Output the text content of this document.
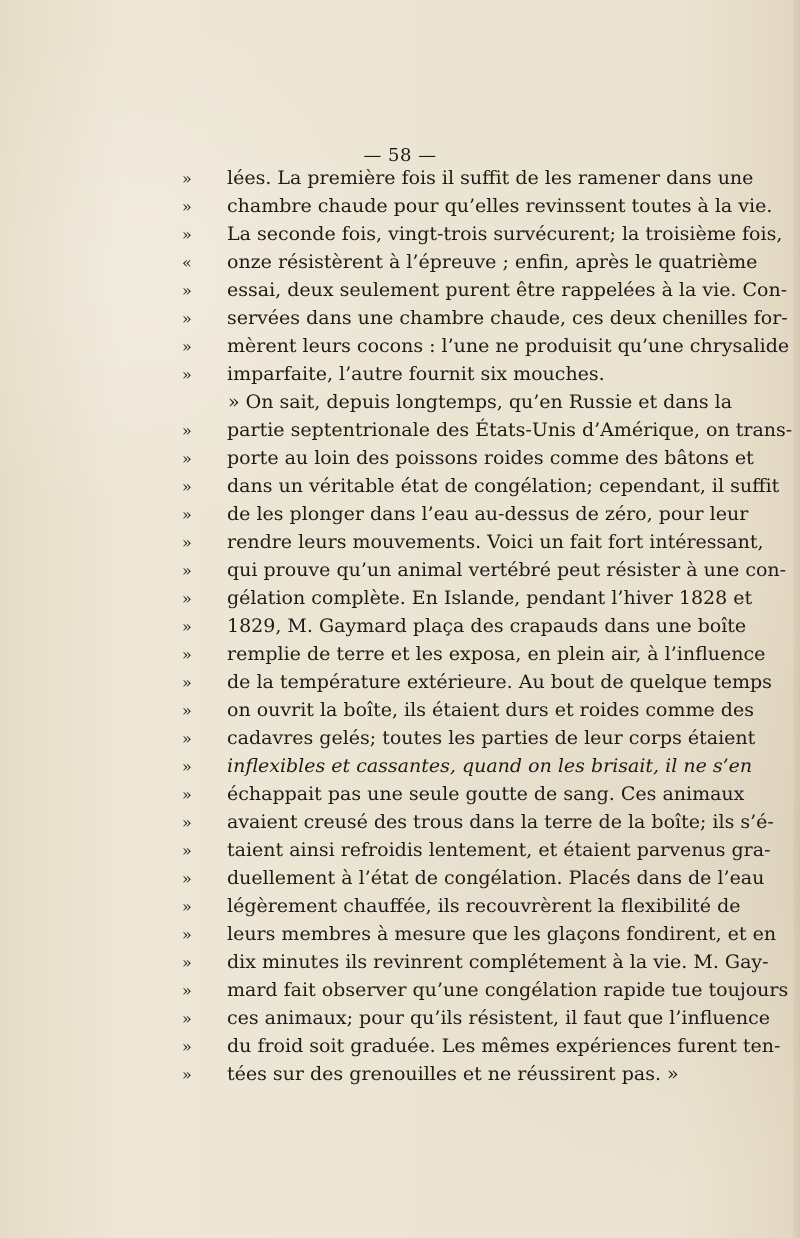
— 58 —
»	lées. La première fois il suffit de les ramener dans une
»	chambre chaude pour qu’elles revinssent toutes à la vie.
»	La seconde fois, vingt-trois survécurent; la troisième fois,
«	onze résistèrent à l’épreuve ; enfin, après le quatrième
»	essai, deux seulement purent être rappelées à la vie. Con-
»	servées dans une chambre chaude, ces deux chenilles for-
»	mèrent leurs cocons : l’une ne produisit qu’une chrysalide
»	imparfaite, l’autre fournit six mouches.
» On sait, depuis longtemps, qu’en Russie et dans la
»	partie septentrionale des États-Unis d’Amérique, on trans-
»	porte au loin des poissons roides comme des bâtons et
»	dans un véritable état de congélation; cependant, il suffit
»	de les plonger dans l’eau au-dessus de zéro, pour leur
»	rendre leurs mouvements. Voici un fait fort intéressant,
»	qui prouve qu’un animal vertébré peut résister à une con-
»	gélation complète. En Islande, pendant l’hiver 1828 et
»	1829, M. Gaymard plaça des crapauds dans une boîte
»	remplie de terre et les exposa, en plein air, à l’influence
»	de la température extérieure. Au bout de quelque temps
»	on ouvrit la boîte, ils étaient durs et roides comme des
»	cadavres gelés; toutes les parties de leur corps étaient
»	inflexibles et cassantes, quand on les brisait, il ne s’en
»	échappait pas une seule goutte de sang. Ces animaux
»	avaient creusé des trous dans la terre de la boîte; ils s’é-
»	taient ainsi refroidis lentement, et étaient parvenus gra-
»	duellement à l’état de congélation. Placés dans de l’eau
»	légèrement chauffée, ils recouvrèrent la flexibilité de
»	leurs membres à mesure que les glaçons fondirent, et en
»	dix minutes ils revinrent complétement à la vie. M. Gay-
»	mard fait observer qu’une congélation rapide tue toujours
»	ces animaux; pour qu’ils résistent, il faut que l’influence
»	du froid soit graduée. Les mêmes expériences furent ten-
»	tées sur des grenouilles et ne réussirent pas. »
